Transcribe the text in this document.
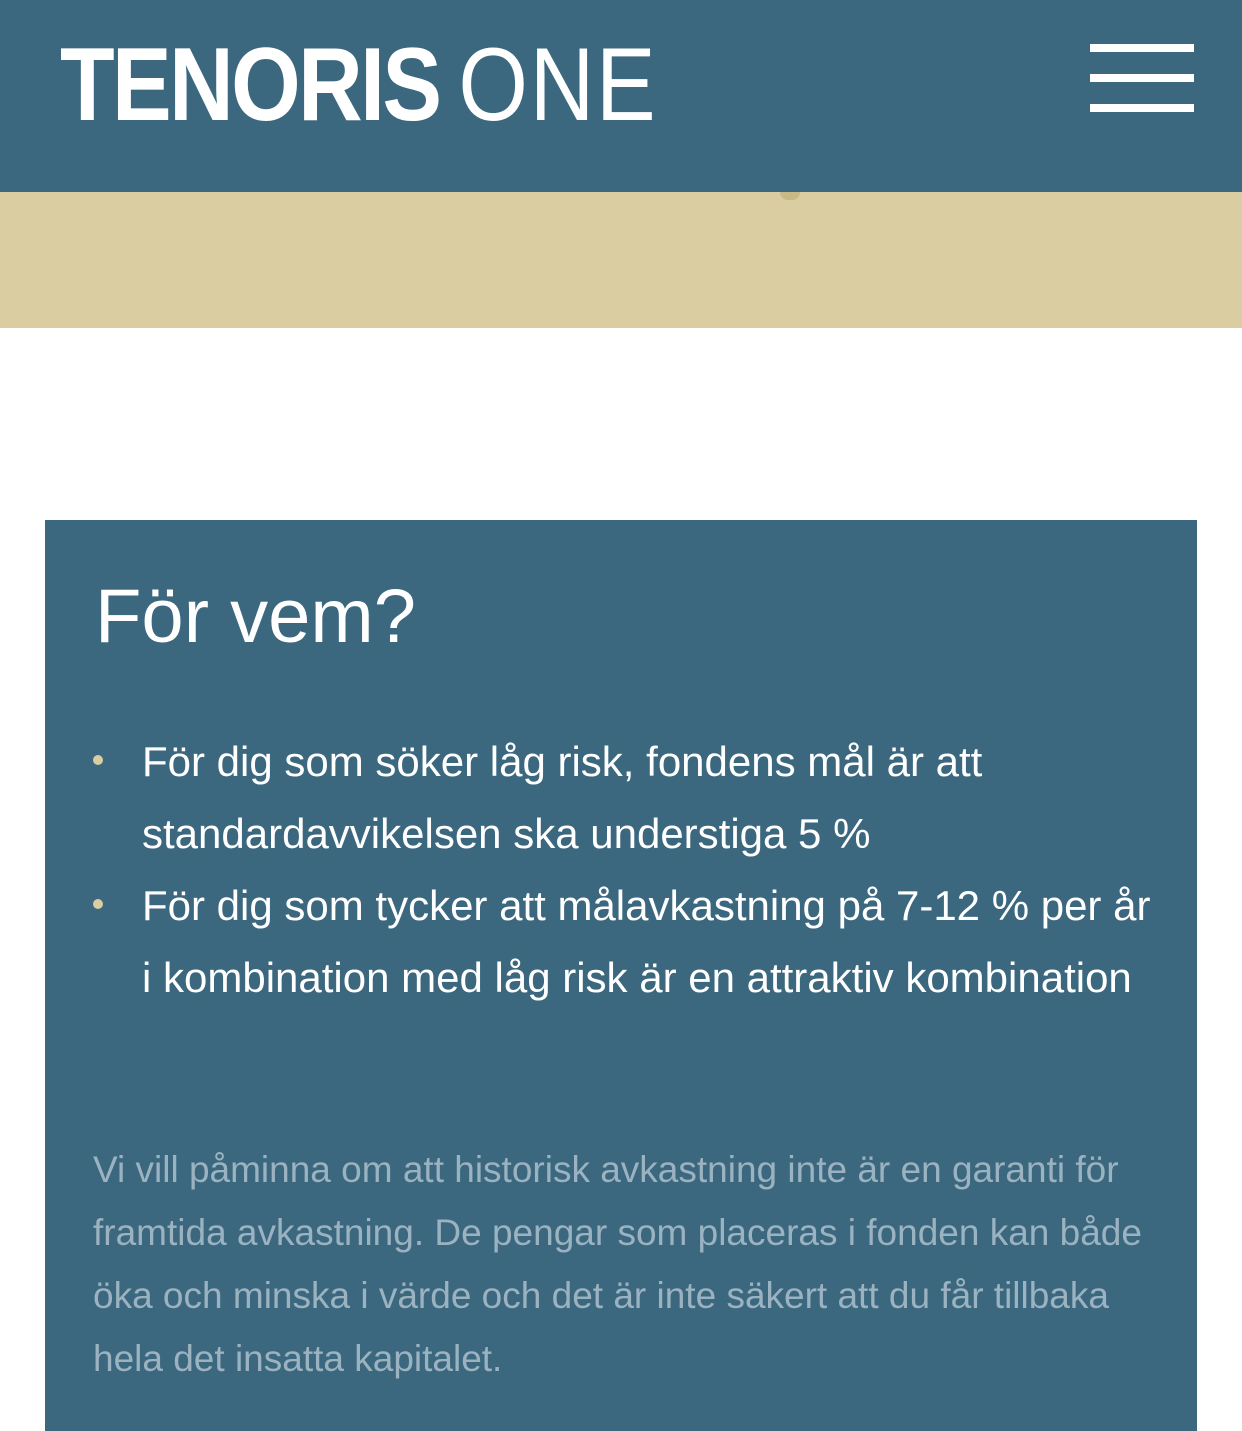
TENORIS ONE
För vem?
För dig som söker låg risk, fondens mål är att standardavvikelsen ska understiga 5 %
För dig som tycker att målavkastning på 7-12 % per år i kombination med låg risk är en attraktiv kombination

Vi vill påminna om att historisk avkastning inte är en garanti för framtida avkastning. De pengar som placeras i fonden kan både öka och minska i värde och det är inte säkert att du får tillbaka hela det insatta kapitalet.
